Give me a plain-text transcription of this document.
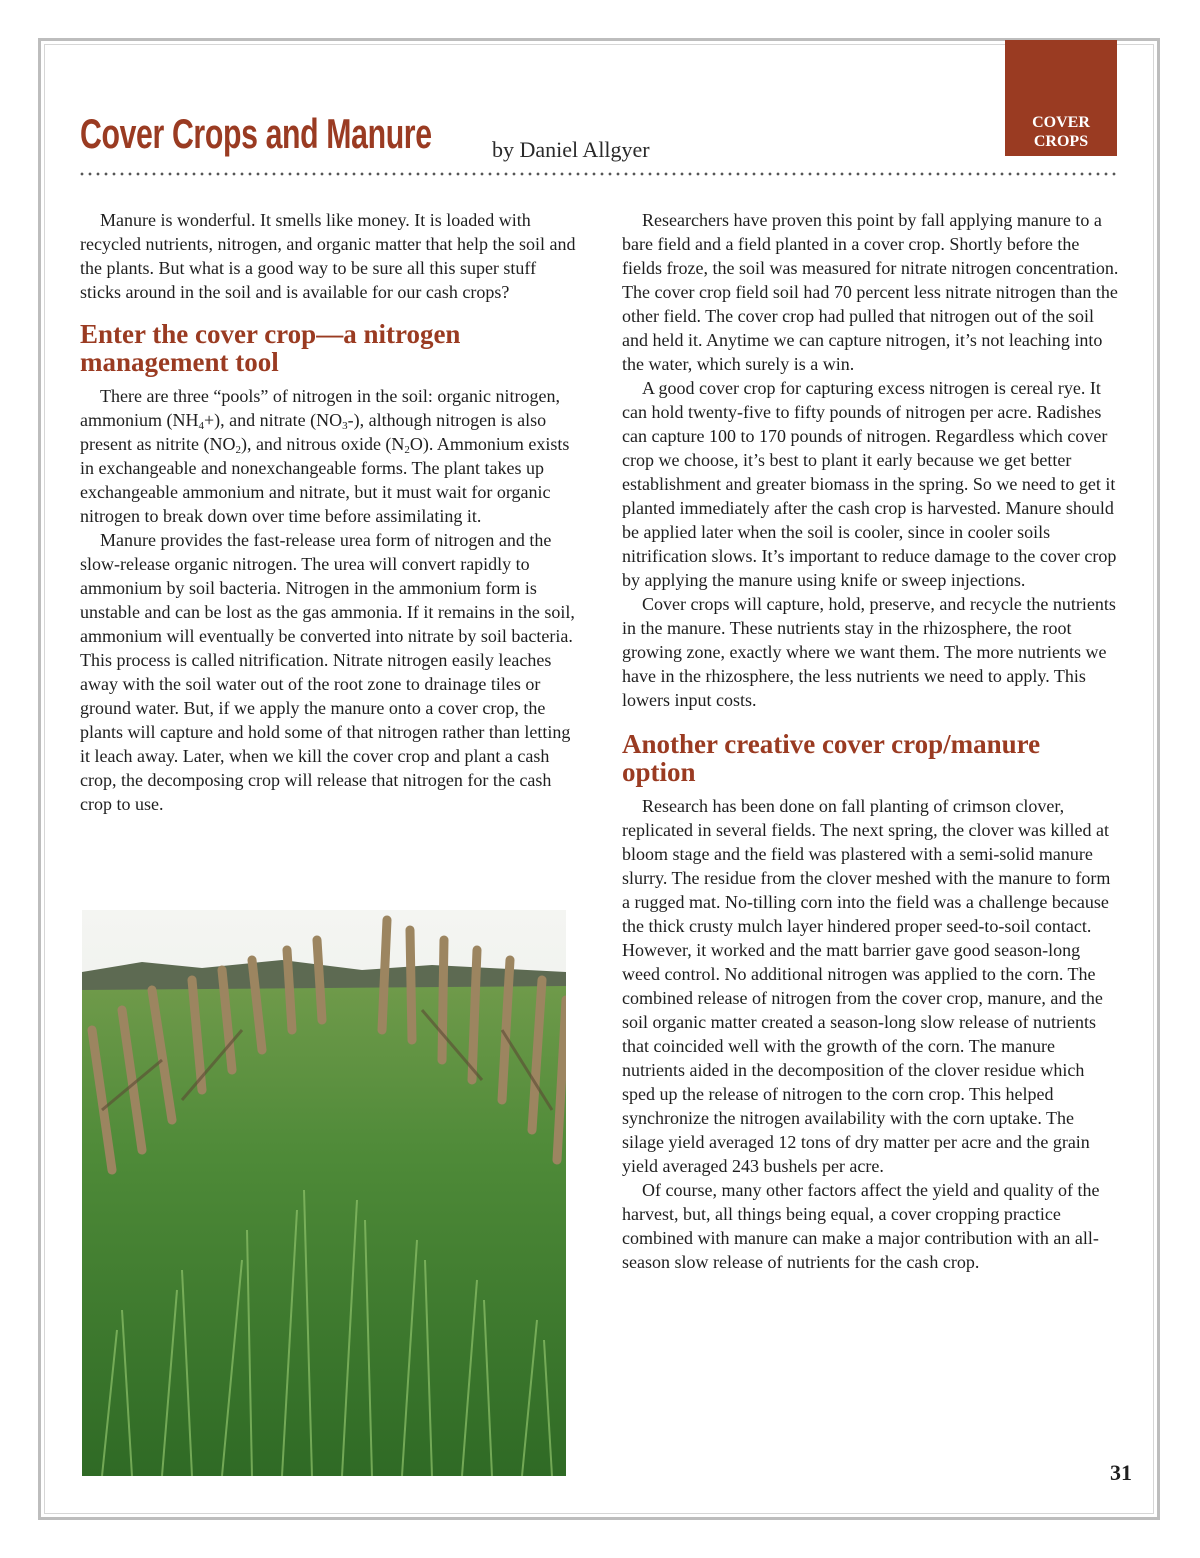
COVER
CROPS
Cover Crops and Manure	by Daniel Allgyer

Manure is wonderful. It smells like money. It is loaded with recycled nutrients, nitrogen, and organic matter that help the soil and the plants. But what is a good way to be sure all this super stuff sticks around in the soil and is available for our cash crops?

Enter the cover crop—a nitrogen management tool

There are three “pools” of nitrogen in the soil: organic nitrogen, ammonium $(NH_4+)$, and nitrate $(NO_3-)$, although nitrogen is also present as nitrite $(NO_2)$, and nitrous oxide $(N_2O)$. Ammonium exists in exchangeable and nonexchangeable forms. The plant takes up exchangeable ammonium and nitrate, but it must wait for organic nitrogen to break down over time before assimilating it.

Manure provides the fast-release urea form of nitrogen and the slow-release organic nitrogen. The urea will convert rapidly to ammonium by soil bacteria. Nitrogen in the ammonium form is unstable and can be lost as the gas ammonia. If it remains in the soil, ammonium will eventually be converted into nitrate by soil bacteria. This process is called nitrification. Nitrate nitrogen easily leaches away with the soil water out of the root zone to drainage tiles or ground water. But, if we apply the manure onto a cover crop, the plants will capture and hold some of that nitrogen rather than letting it leach away. Later, when we kill the cover crop and plant a cash crop, the decomposing crop will release that nitrogen for the cash crop to use.

Researchers have proven this point by fall applying manure to a bare field and a field planted in a cover crop. Shortly before the fields froze, the soil was measured for nitrate nitrogen concentration. The cover crop field soil had 70 percent less nitrate nitrogen than the other field. The cover crop had pulled that nitrogen out of the soil and held it. Anytime we can capture nitrogen, it’s not leaching into the water, which surely is a win.

A good cover crop for capturing excess nitrogen is cereal rye. It can hold twenty-five to fifty pounds of nitrogen per acre. Radishes can capture 100 to 170 pounds of nitrogen. Regardless which cover crop we choose, it’s best to plant it early because we get better establishment and greater biomass in the spring. So we need to get it planted immediately after the cash crop is harvested. Manure should be applied later when the soil is cooler, since in cooler soils nitrification slows. It’s important to reduce damage to the cover crop by applying the manure using knife or sweep injections.

Cover crops will capture, hold, preserve, and recycle the nutrients in the manure. These nutrients stay in the rhizosphere, the root growing zone, exactly where we want them. The more nutrients we have in the rhizosphere, the less nutrients we need to apply. This lowers input costs.

Another creative cover crop/manure option

Research has been done on fall planting of crimson clover, replicated in several fields. The next spring, the clover was killed at bloom stage and the field was plastered with a semi-solid manure slurry. The residue from the clover meshed with the manure to form a rugged mat. No-tilling corn into the field was a challenge because the thick crusty mulch layer hindered proper seed-to-soil contact. However, it worked and the matt barrier gave good season-long weed control. No additional nitrogen was applied to the corn. The combined release of nitrogen from the cover crop, manure, and the soil organic matter created a season-long slow release of nutrients that coincided well with the growth of the corn. The manure nutrients aided in the decomposition of the clover residue which sped up the release of nitrogen to the corn crop. This helped synchronize the nitrogen availability with the corn uptake. The silage yield averaged 12 tons of dry matter per acre and the grain yield averaged 243 bushels per acre.

Of course, many other factors affect the yield and quality of the harvest, but, all things being equal, a cover cropping practice combined with manure can make a major contribution with an all-season slow release of nutrients for the cash crop.

31
